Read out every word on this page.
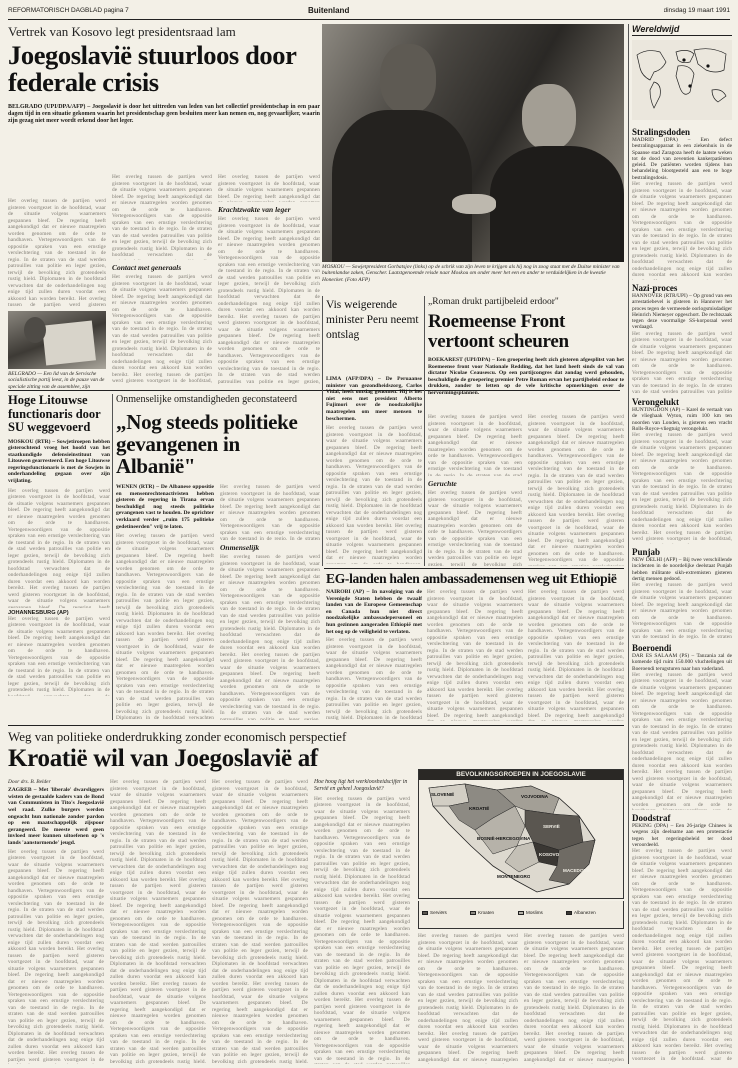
REFORMATORISCH DAGBLAD pagina 7	Buitenland	dinsdag 19 maart 1991
Vertrek van Kosovo legt presidentsraad lam
Joegoslavië stuurloos door federale crisis
BELGRADO (UPI/DPA/AFP) – Joegoslavië is door het uittreden van leden van het collectief presidentschap in een paar dagen tijd in een situatie gekomen waarin het presidentschap geen besluiten meer kan nemen en, nog gevaarlijker, waarin zijn gezag niet meer wordt erkend door het leger.
Het overleg tussen de partijen werd gisteren voortgezet in de hoofdstad, waar de situatie volgens waarnemers gespannen bleef. De regering heeft aangekondigd dat er nieuwe maatregelen worden genomen om de orde te handhaven. Vertegenwoordigers van de oppositie spraken van een ernstige verslechtering van de toestand in de regio. In de straten van de stad werden patrouilles van politie en leger gezien, terwijl de bevolking zich grotendeels rustig hield. Diplomaten in de hoofdstad verwachten dat de onderhandelingen nog enige tijd zullen duren voordat een akkoord kan worden bereikt. Het overleg tussen de partijen werd gisteren voortgezet in de hoofdstad, waar de situatie volgens waarnemers gespannen bleef. De regering heeft aangekondigd dat er nieuwe maatregelen worden genomen om de orde te handhaven. Vertegenwoordigers van de oppositie spraken van een ernstige verslechtering van de toestand in de regio. In de straten van de stad werden patrouilles van politie en leger gezien, terwijl de bevolking zich grotendeels rustig hield. Diplomaten in de hoofdstad verwachten dat de onderhandelingen nog enige tijd zullen duren voordat een akkoord kan worden bereikt. Het overleg tussen de partijen werd gisteren voortgezet in de hoofdstad, waar de situatie volgens waarnemers gespannen bleef. De regering heeft aangekondigd dat er nieuwe maatregelen worden genomen om de orde te handhaven. Vertegenwoordigers van de oppositie spraken van een ernstige verslechtering van de toestand in de regio. In de straten van de stad werden patrouilles van politie en leger gezien, terwijl de bevolking zich grotendeels rustig hield. Diplomaten in de hoofdstad verwachten dat de onderhandelingen nog enige tijd zullen duren voordat een akkoord kan worden bereikt. Het overleg tussen de partijen werd gisteren voortgezet in de hoofdstad, waar de situatie volgens waarnemers gespannen bleef. De regering heeft aangekondigd dat er nieuwe maatregelen worden genomen om de orde te handhaven.
Het overleg tussen de partijen werd gisteren voortgezet in de hoofdstad, waar de situatie volgens waarnemers gespannen bleef. De regering heeft aangekondigd dat er nieuwe maatregelen worden genomen om de orde te handhaven. Vertegenwoordigers van de oppositie spraken van een ernstige verslechtering van de toestand in de regio. In de straten van de stad werden patrouilles van politie en leger gezien, terwijl de bevolking zich grotendeels rustig hield. Diplomaten in de hoofdstad verwachten dat de onderhandelingen nog enige tijd zullen duren voordat een akkoord kan worden bereikt. Het overleg tussen de partijen werd gisteren voortgezet in de hoofdstad, waar de situatie volgens waarnemers gespannen bleef. De regering heeft aangekondigd dat er nieuwe maatregelen worden genomen om de orde te handhaven. Vertegenwoordigers van de oppositie spraken van een ernstige verslechtering van de toestand in de regio. In de straten van de stad werden patrouilles van politie en leger gezien, terwijl de bevolking zich grotendeels rustig hield. Diplomaten in de hoofdstad verwachten dat de onderhandelingen nog enige tijd zullen duren voordat een akkoord kan worden bereikt. Het overleg tussen de partijen werd gisteren voortgezet in de hoofdstad, waar de situatie volgens waarnemers gespannen bleef. De regering heeft aangekondigd dat er nieuwe maatregelen worden genomen om de orde te handhaven. Vertegenwoordigers van de oppositie spraken van een ernstige verslechtering van de toestand in de regio. In de straten van de stad werden patrouilles van politie en leger gezien, terwijl de bevolking zich grotendeels rustig hield. Diplomaten in de hoofdstad verwachten dat de onderhandelingen nog enige tijd zullen duren voordat een akkoord kan worden bereikt. Het overleg tussen de partijen werd gisteren voortgezet in de hoofdstad, waar de situatie volgens waarnemers gespannen bleef. De regering heeft aangekondigd dat er nieuwe maatregelen worden genomen om de orde te handhaven.
Contact met generaals
Het overleg tussen de partijen werd gisteren voortgezet in de hoofdstad, waar de situatie volgens waarnemers gespannen bleef. De regering heeft aangekondigd dat er nieuwe maatregelen worden genomen om de orde te handhaven. Vertegenwoordigers van de oppositie spraken van een ernstige verslechtering van de toestand in de regio. In de straten van de stad werden patrouilles van politie en leger gezien, terwijl de bevolking zich grotendeels rustig hield. Diplomaten in de hoofdstad verwachten dat de onderhandelingen nog enige tijd zullen duren voordat een akkoord kan worden bereikt. Het overleg tussen de partijen werd gisteren voortgezet in de hoofdstad, waar de situatie volgens waarnemers gespannen bleef. De regering heeft aangekondigd dat er nieuwe maatregelen worden genomen om de orde te handhaven. Vertegenwoordigers van de oppositie spraken van een ernstige verslechtering van de toestand in de regio. In de straten van de stad werden patrouilles van politie en leger gezien, terwijl de bevolking zich grotendeels rustig hield. Diplomaten in de hoofdstad verwachten dat de onderhandelingen nog enige tijd zullen duren voordat een akkoord kan worden bereikt. Het overleg tussen de partijen werd gisteren voortgezet in de hoofdstad, waar de situatie volgens waarnemers gespannen bleef. De regering heeft aangekondigd dat er nieuwe maatregelen worden genomen om de orde te handhaven. Vertegenwoordigers van de oppositie spraken van een ernstige verslechtering van de toestand in de regio. In de straten van de stad werden patrouilles van politie en leger gezien, terwijl de bevolking zich grotendeels rustig hield. Diplomaten in de hoofdstad verwachten dat de onderhandelingen nog enige tijd zullen duren voordat een akkoord kan worden bereikt. Het overleg tussen de partijen werd gisteren voortgezet in de hoofdstad, waar de situatie volgens waarnemers gespannen bleef. De regering heeft aangekondigd dat er nieuwe maatregelen worden genomen om de orde te handhaven.
Het overleg tussen de partijen werd gisteren voortgezet in de hoofdstad, waar de situatie volgens waarnemers gespannen bleef. De regering heeft aangekondigd dat er nieuwe maatregelen worden genomen om de orde te handhaven. Vertegenwoordigers van de oppositie spraken van een ernstige verslechtering van de toestand in de regio. In de straten van de stad werden patrouilles van politie en leger gezien, terwijl de bevolking zich grotendeels rustig hield. Diplomaten in de hoofdstad verwachten dat de onderhandelingen nog enige tijd zullen duren voordat een akkoord kan worden bereikt. Het overleg tussen de partijen werd gisteren voortgezet in de hoofdstad, waar de situatie volgens waarnemers gespannen bleef. De regering heeft aangekondigd dat er nieuwe maatregelen worden genomen om de orde te handhaven. Vertegenwoordigers van de oppositie spraken van een ernstige verslechtering van de toestand in de regio. In de straten van de stad werden patrouilles van politie en leger gezien, terwijl de bevolking zich grotendeels rustig hield. Diplomaten in de hoofdstad verwachten dat de onderhandelingen nog enige tijd zullen duren voordat een akkoord kan worden bereikt. Het overleg tussen de partijen werd gisteren voortgezet in de hoofdstad, waar de situatie volgens waarnemers gespannen bleef. De regering heeft aangekondigd dat er nieuwe maatregelen worden genomen om de orde te handhaven. Vertegenwoordigers van de oppositie spraken van een ernstige verslechtering van de toestand in de regio. In de straten van de stad werden patrouilles van politie en leger gezien, terwijl de bevolking zich grotendeels rustig hield. Diplomaten in de hoofdstad verwachten dat de onderhandelingen nog enige tijd zullen duren voordat een akkoord kan worden bereikt. Het overleg tussen de partijen werd gisteren voortgezet in de hoofdstad, waar de situatie volgens waarnemers gespannen bleef. De regering heeft aangekondigd dat er nieuwe maatregelen worden genomen om de orde te handhaven.
Krachtzwakte van leger
Het overleg tussen de partijen werd gisteren voortgezet in de hoofdstad, waar de situatie volgens waarnemers gespannen bleef. De regering heeft aangekondigd dat er nieuwe maatregelen worden genomen om de orde te handhaven. Vertegenwoordigers van de oppositie spraken van een ernstige verslechtering van de toestand in de regio. In de straten van de stad werden patrouilles van politie en leger gezien, terwijl de bevolking zich grotendeels rustig hield. Diplomaten in de hoofdstad verwachten dat de onderhandelingen nog enige tijd zullen duren voordat een akkoord kan worden bereikt. Het overleg tussen de partijen werd gisteren voortgezet in de hoofdstad, waar de situatie volgens waarnemers gespannen bleef. De regering heeft aangekondigd dat er nieuwe maatregelen worden genomen om de orde te handhaven. Vertegenwoordigers van de oppositie spraken van een ernstige verslechtering van de toestand in de regio. In de straten van de stad werden patrouilles van politie en leger gezien, terwijl de bevolking zich grotendeels rustig hield. Diplomaten in de hoofdstad verwachten dat de onderhandelingen nog enige tijd zullen duren voordat een akkoord kan worden bereikt. Het overleg tussen de partijen werd gisteren voortgezet in de hoofdstad, waar de situatie volgens waarnemers gespannen bleef. De regering heeft aangekondigd dat er nieuwe maatregelen worden genomen om de orde te handhaven. Vertegenwoordigers van de oppositie spraken van een ernstige verslechtering van de toestand in de regio. In de straten van de stad werden patrouilles van politie en leger gezien, terwijl de bevolking zich grotendeels rustig hield. Diplomaten in de hoofdstad verwachten dat de onderhandelingen nog enige tijd zullen duren voordat een akkoord kan worden bereikt. Het overleg tussen de partijen werd gisteren voortgezet in de hoofdstad, waar de situatie volgens waarnemers gespannen bleef. De regering heeft aangekondigd dat er nieuwe maatregelen worden genomen om de orde te handhaven.
BELGRADO — Een lid van de Servische socialistische partij leest, in de pauze van de speciale zitting van de assemblee, zijn
MOSKOU — Sowjetpresident Gorbatsjov (links) op de schrik van zijn leven te krijgen als hij nog in zoog staat met de Duitse minister van buitenlandse zaken, Genscher. Laatstgenoemde reisde naar Moskou om onder meer het een en ander te verduidelijken in de kwestie Honecker. (Foto AFP)
Wereldwijd
Stralingsdoden
MADRID (DPA) – Een defect bestralingsapparaat in een ziekenhuis in de Spaanse stad Zaragoza heeft de laatste weken tot de dood van zeventien kankerpatiënten geleid. De patiënten worden tijdens hun behandeling blootgesteld aan een te hoge bestralingsdosis.
Het overleg tussen de partijen werd gisteren voortgezet in de hoofdstad, waar de situatie volgens waarnemers gespannen bleef. De regering heeft aangekondigd dat er nieuwe maatregelen worden genomen om de orde te handhaven. Vertegenwoordigers van de oppositie spraken van een ernstige verslechtering van de toestand in de regio. In de straten van de stad werden patrouilles van politie en leger gezien, terwijl de bevolking zich grotendeels rustig hield. Diplomaten in de hoofdstad verwachten dat de onderhandelingen nog enige tijd zullen duren voordat een akkoord kan worden bereikt. Het overleg tussen de partijen werd gisteren voortgezet in de hoofdstad, waar de situatie volgens waarnemers gespannen bleef. De regering heeft aangekondigd dat er nieuwe maatregelen worden genomen om de orde te handhaven. Vertegenwoordigers van de oppositie spraken van een ernstige verslechtering van de toestand in de regio. In de straten van de stad werden patrouilles van politie en leger gezien, terwijl de bevolking zich grotendeels rustig hield. Diplomaten in de hoofdstad verwachten dat de onderhandelingen nog enige tijd zullen duren voordat een akkoord kan worden bereikt. Het overleg tussen de partijen werd gisteren voortgezet in de hoofdstad, waar de situatie volgens waarnemers gespannen bleef. De regering heeft aangekondigd dat er nieuwe maatregelen worden genomen om de orde te handhaven. Vertegenwoordigers van de oppositie spraken van een ernstige verslechtering van de toestand in de regio. In de straten van de stad werden patrouilles van politie en leger gezien, terwijl de bevolking zich grotendeels rustig hield. Diplomaten in de hoofdstad verwachten dat de onderhandelingen nog enige tijd zullen duren voordat een akkoord kan worden bereikt. Het overleg tussen de partijen werd gisteren voortgezet in de hoofdstad, waar de situatie volgens waarnemers gespannen bleef. De regering heeft aangekondigd dat er nieuwe maatregelen worden genomen om de orde te handhaven.
Nazi-proces
HANNOVER (RTR/UPI) – Op grond van een arrestatiebevel is gisteren in Hannover het proces tegen de vermeende oorlogsmisdadiger Heinrich Niemeyer opgeschort. De rechtszaak tegen deze voormalige SS-korporaal werd verdaagd.
Het overleg tussen de partijen werd gisteren voortgezet in de hoofdstad, waar de situatie volgens waarnemers gespannen bleef. De regering heeft aangekondigd dat er nieuwe maatregelen worden genomen om de orde te handhaven. Vertegenwoordigers van de oppositie spraken van een ernstige verslechtering van de toestand in de regio. In de straten van de stad werden patrouilles van politie en leger gezien, terwijl de bevolking zich grotendeels rustig hield. Diplomaten in de hoofdstad verwachten dat de onderhandelingen nog enige tijd zullen duren voordat een akkoord kan worden bereikt. Het overleg tussen de partijen werd gisteren voortgezet in de hoofdstad, waar de situatie volgens waarnemers gespannen bleef. De regering heeft aangekondigd dat er nieuwe maatregelen worden genomen om de orde te handhaven. Vertegenwoordigers van de oppositie spraken van een ernstige verslechtering van de toestand in de regio. In de straten van de stad werden patrouilles van politie en leger gezien, terwijl de bevolking zich grotendeels rustig hield. Diplomaten in de hoofdstad verwachten dat de onderhandelingen nog enige tijd zullen duren voordat een akkoord kan worden bereikt. Het overleg tussen de partijen werd gisteren voortgezet in de hoofdstad, waar de situatie volgens waarnemers gespannen bleef. De regering heeft aangekondigd dat er nieuwe maatregelen worden genomen om de orde te handhaven. Vertegenwoordigers van de oppositie spraken van een ernstige verslechtering van de toestand in de regio. In de straten van de stad werden patrouilles van politie en leger gezien, terwijl de bevolking zich grotendeels rustig hield. Diplomaten in de hoofdstad verwachten dat de onderhandelingen nog enige tijd zullen duren voordat een akkoord kan worden bereikt. Het overleg tussen de partijen werd gisteren voortgezet in de hoofdstad, waar de situatie volgens waarnemers gespannen bleef. De regering heeft aangekondigd dat er nieuwe maatregelen worden genomen om de orde te handhaven.
Verongelukt
HUNTINGDON (AP) – Karel de vertaalt van de vlieghaak Wyton, ruim 100 km ten noorden van Londen, is gisteren een vracht Rolls-Royce-vliegtuig verongelukt.
Het overleg tussen de partijen werd gisteren voortgezet in de hoofdstad, waar de situatie volgens waarnemers gespannen bleef. De regering heeft aangekondigd dat er nieuwe maatregelen worden genomen om de orde te handhaven. Vertegenwoordigers van de oppositie spraken van een ernstige verslechtering van de toestand in de regio. In de straten van de stad werden patrouilles van politie en leger gezien, terwijl de bevolking zich grotendeels rustig hield. Diplomaten in de hoofdstad verwachten dat de onderhandelingen nog enige tijd zullen duren voordat een akkoord kan worden bereikt. Het overleg tussen de partijen werd gisteren voortgezet in de hoofdstad, waar de situatie volgens waarnemers gespannen bleef. De regering heeft aangekondigd dat er nieuwe maatregelen worden genomen om de orde te handhaven. Vertegenwoordigers van de oppositie spraken van een ernstige verslechtering van de toestand in de regio. In de straten van de stad werden patrouilles van politie en leger gezien, terwijl de bevolking zich grotendeels rustig hield. Diplomaten in de hoofdstad verwachten dat de onderhandelingen nog enige tijd zullen duren voordat een akkoord kan worden bereikt. Het overleg tussen de partijen werd gisteren voortgezet in de hoofdstad, waar de situatie volgens waarnemers gespannen bleef. De regering heeft aangekondigd dat er nieuwe maatregelen worden genomen om de orde te handhaven. Vertegenwoordigers van de oppositie spraken van een ernstige verslechtering van de toestand in de regio. In de straten van de stad werden patrouilles van politie en leger gezien, terwijl de bevolking zich grotendeels rustig hield. Diplomaten in de hoofdstad verwachten dat de onderhandelingen nog enige tijd zullen duren voordat een akkoord kan worden bereikt. Het overleg tussen de partijen werd gisteren voortgezet in de hoofdstad, waar de situatie volgens waarnemers gespannen bleef. De regering heeft aangekondigd dat er nieuwe maatregelen worden genomen om de orde te handhaven.
Punjab
NEW DELHI (AFP) – Bij twee verschillende incidenten in de noordelijke deelstaat Punjab hebben militante sikh-extremisten gisteren dertig mensen gedood.
Het overleg tussen de partijen werd gisteren voortgezet in de hoofdstad, waar de situatie volgens waarnemers gespannen bleef. De regering heeft aangekondigd dat er nieuwe maatregelen worden genomen om de orde te handhaven. Vertegenwoordigers van de oppositie spraken van een ernstige verslechtering van de toestand in de regio. In de straten van de stad werden patrouilles van politie en leger gezien, terwijl de bevolking zich grotendeels rustig hield. Diplomaten in de hoofdstad verwachten dat de onderhandelingen nog enige tijd zullen duren voordat een akkoord kan worden bereikt. Het overleg tussen de partijen werd gisteren voortgezet in de hoofdstad, waar de situatie volgens waarnemers gespannen bleef. De regering heeft aangekondigd dat er nieuwe maatregelen worden genomen om de orde te handhaven. Vertegenwoordigers van de oppositie spraken van een ernstige verslechtering van de toestand in de regio. In de straten van de stad werden patrouilles van politie en leger gezien, terwijl de bevolking zich grotendeels rustig hield. Diplomaten in de hoofdstad verwachten dat de onderhandelingen nog enige tijd zullen duren voordat een akkoord kan worden bereikt. Het overleg tussen de partijen werd gisteren voortgezet in de hoofdstad, waar de situatie volgens waarnemers gespannen bleef. De regering heeft aangekondigd dat er nieuwe maatregelen worden genomen om de orde te handhaven. Vertegenwoordigers van de oppositie spraken van een ernstige verslechtering van de toestand in de regio. In de straten van de stad werden patrouilles van politie en leger gezien, terwijl de bevolking zich grotendeels rustig hield. Diplomaten in de hoofdstad verwachten dat de onderhandelingen nog enige tijd zullen duren voordat een akkoord kan worden bereikt. Het overleg tussen de partijen werd gisteren voortgezet in de hoofdstad, waar de situatie volgens waarnemers gespannen bleef. De regering heeft aangekondigd dat er nieuwe maatregelen worden genomen om de orde te handhaven.
Boeroendi
DAR ES SALAAM (PS) – Tanzania zal de komende tijd ruim 150.000 vluchtelingen uit Boeroendi terugsturen naar hun vaderland.
Het overleg tussen de partijen werd gisteren voortgezet in de hoofdstad, waar de situatie volgens waarnemers gespannen bleef. De regering heeft aangekondigd dat er nieuwe maatregelen worden genomen om de orde te handhaven. Vertegenwoordigers van de oppositie spraken van een ernstige verslechtering van de toestand in de regio. In de straten van de stad werden patrouilles van politie en leger gezien, terwijl de bevolking zich grotendeels rustig hield. Diplomaten in de hoofdstad verwachten dat de onderhandelingen nog enige tijd zullen duren voordat een akkoord kan worden bereikt. Het overleg tussen de partijen werd gisteren voortgezet in de hoofdstad, waar de situatie volgens waarnemers gespannen bleef. De regering heeft aangekondigd dat er nieuwe maatregelen worden genomen om de orde te handhaven. Vertegenwoordigers van de oppositie spraken van een ernstige verslechtering van de toestand in de regio. In de straten van de stad werden patrouilles van politie en leger gezien, terwijl de bevolking zich grotendeels rustig hield. Diplomaten in de hoofdstad verwachten dat de onderhandelingen nog enige tijd zullen duren voordat een akkoord kan worden bereikt. Het overleg tussen de partijen werd gisteren voortgezet in de hoofdstad, waar de situatie volgens waarnemers gespannen bleef. De regering heeft aangekondigd dat er nieuwe maatregelen worden genomen om de orde te handhaven. Vertegenwoordigers van de oppositie spraken van een ernstige verslechtering van de toestand in de regio. In de straten van de stad werden patrouilles van politie en leger gezien, terwijl de bevolking zich grotendeels rustig hield. Diplomaten in de hoofdstad verwachten dat de onderhandelingen nog enige tijd zullen duren voordat een akkoord kan worden bereikt. Het overleg tussen de partijen werd gisteren voortgezet in de hoofdstad, waar de situatie volgens waarnemers gespannen bleef. De regering heeft aangekondigd dat er nieuwe maatregelen worden genomen om de orde te handhaven.
Doodstraf
PEKING (DPA) – Een 26-jarige Chinees is wegens zijn deelname aan een protestactie tegen het regeringsbeleid ter dood veroordeeld.
Het overleg tussen de partijen werd gisteren voortgezet in de hoofdstad, waar de situatie volgens waarnemers gespannen bleef. De regering heeft aangekondigd dat er nieuwe maatregelen worden genomen om de orde te handhaven. Vertegenwoordigers van de oppositie spraken van een ernstige verslechtering van de toestand in de regio. In de straten van de stad werden patrouilles van politie en leger gezien, terwijl de bevolking zich grotendeels rustig hield. Diplomaten in de hoofdstad verwachten dat de onderhandelingen nog enige tijd zullen duren voordat een akkoord kan worden bereikt. Het overleg tussen de partijen werd gisteren voortgezet in de hoofdstad, waar de situatie volgens waarnemers gespannen bleef. De regering heeft aangekondigd dat er nieuwe maatregelen worden genomen om de orde te handhaven. Vertegenwoordigers van de oppositie spraken van een ernstige verslechtering van de toestand in de regio. In de straten van de stad werden patrouilles van politie en leger gezien, terwijl de bevolking zich grotendeels rustig hield. Diplomaten in de hoofdstad verwachten dat de onderhandelingen nog enige tijd zullen duren voordat een akkoord kan worden bereikt. Het overleg tussen de partijen werd gisteren voortgezet in de hoofdstad, waar de situatie volgens waarnemers gespannen bleef. De regering heeft aangekondigd dat er nieuwe maatregelen worden genomen om de orde te handhaven. Vertegenwoordigers van de oppositie spraken van een ernstige verslechtering van de toestand in de regio. In de straten van de stad werden patrouilles van politie en leger gezien, terwijl de bevolking zich grotendeels rustig hield. Diplomaten in de hoofdstad verwachten dat de onderhandelingen nog enige tijd zullen duren voordat een akkoord kan worden bereikt. Het overleg tussen de partijen werd gisteren voortgezet in de hoofdstad, waar de situatie volgens waarnemers gespannen bleef. De regering heeft aangekondigd dat er nieuwe maatregelen worden genomen om de orde te handhaven.
Hoge Litouwse functionaris door SU weggevoerd
MOSKOU (RTR) – Sowjetiroepen hebben gisterochtend vroeg het hoofd van het staatkundigde defensieinstituut van Litouwen gearresteerd. Een hoge Litouwse regeringsfunctionaris is met de Sowjets in onderhandeling gegaan over zijn vrijlating.
Het overleg tussen de partijen werd gisteren voortgezet in de hoofdstad, waar de situatie volgens waarnemers gespannen bleef. De regering heeft aangekondigd dat er nieuwe maatregelen worden genomen om de orde te handhaven. Vertegenwoordigers van de oppositie spraken van een ernstige verslechtering van de toestand in de regio. In de straten van de stad werden patrouilles van politie en leger gezien, terwijl de bevolking zich grotendeels rustig hield. Diplomaten in de hoofdstad verwachten dat de onderhandelingen nog enige tijd zullen duren voordat een akkoord kan worden bereikt. Het overleg tussen de partijen werd gisteren voortgezet in de hoofdstad, waar de situatie volgens waarnemers gespannen bleef. De regering heeft aangekondigd dat er nieuwe maatregelen worden genomen om de orde te handhaven. Vertegenwoordigers van de oppositie spraken van een ernstige verslechtering van de toestand in de regio. In de straten van de stad werden patrouilles van politie en leger gezien, terwijl de bevolking zich grotendeels rustig hield. Diplomaten in de hoofdstad verwachten dat de onderhandelingen nog enige tijd zullen duren voordat een akkoord kan worden bereikt. Het overleg tussen de partijen werd gisteren voortgezet in de hoofdstad, waar de situatie volgens waarnemers gespannen bleef. De regering heeft aangekondigd dat er nieuwe maatregelen worden genomen om de orde te handhaven. Vertegenwoordigers van de oppositie spraken van een ernstige verslechtering van de toestand in de regio. In de straten van de stad werden patrouilles van politie en leger gezien, terwijl de bevolking zich grotendeels rustig hield. Diplomaten in de hoofdstad verwachten dat de onderhandelingen nog enige tijd zullen duren voordat een akkoord kan worden bereikt. Het overleg tussen de partijen werd gisteren voortgezet in de hoofdstad, waar de situatie volgens waarnemers gespannen bleef. De regering heeft aangekondigd dat er nieuwe maatregelen worden genomen om de orde te handhaven.
JOHANNESBURG (AP)
Het overleg tussen de partijen werd gisteren voortgezet in de hoofdstad, waar de situatie volgens waarnemers gespannen bleef. De regering heeft aangekondigd dat er nieuwe maatregelen worden genomen om de orde te handhaven. Vertegenwoordigers van de oppositie spraken van een ernstige verslechtering van de toestand in de regio. In de straten van de stad werden patrouilles van politie en leger gezien, terwijl de bevolking zich grotendeels rustig hield. Diplomaten in de hoofdstad verwachten dat de onderhandelingen nog enige tijd zullen duren voordat een akkoord kan worden bereikt. Het overleg tussen de partijen werd gisteren voortgezet in de hoofdstad, waar de situatie volgens waarnemers gespannen bleef. De regering heeft aangekondigd dat er nieuwe maatregelen worden genomen om de orde te handhaven. Vertegenwoordigers van de oppositie spraken van een ernstige verslechtering van de toestand in de regio. In de straten van de stad werden patrouilles van politie en leger gezien, terwijl de bevolking zich grotendeels rustig hield. Diplomaten in de hoofdstad verwachten dat de onderhandelingen nog enige tijd zullen duren voordat een akkoord kan worden bereikt. Het overleg tussen de partijen werd gisteren voortgezet in de hoofdstad, waar de situatie volgens waarnemers gespannen bleef. De regering heeft aangekondigd dat er nieuwe maatregelen worden genomen om de orde te handhaven. Vertegenwoordigers van de oppositie spraken van een ernstige verslechtering van de toestand in de regio. In de straten van de stad werden patrouilles van politie en leger gezien, terwijl de bevolking zich grotendeels rustig hield. Diplomaten in de hoofdstad verwachten dat de onderhandelingen nog enige tijd zullen duren voordat een akkoord kan worden bereikt. Het overleg tussen de partijen werd gisteren voortgezet in de hoofdstad, waar de situatie volgens waarnemers gespannen bleef. De regering heeft aangekondigd dat er nieuwe maatregelen worden genomen om de orde te handhaven.
Onmenselijke omstandigheden geconstateerd
„Nog steeds politieke gevangenen in Albanië"
WENEN (RTR) – De Albanese oppositie en mensenrechtenactivisten hebben gisteren de regering in Tirana ervan beschuldigd nog steeds politieke gevangenen vast te houden. De oprichter verklaard verder „ruim 175 politieke gedetineerden" vrij te laten.
Het overleg tussen de partijen werd gisteren voortgezet in de hoofdstad, waar de situatie volgens waarnemers gespannen bleef. De regering heeft aangekondigd dat er nieuwe maatregelen worden genomen om de orde te handhaven. Vertegenwoordigers van de oppositie spraken van een ernstige verslechtering van de toestand in de regio. In de straten van de stad werden patrouilles van politie en leger gezien, terwijl de bevolking zich grotendeels rustig hield. Diplomaten in de hoofdstad verwachten dat de onderhandelingen nog enige tijd zullen duren voordat een akkoord kan worden bereikt. Het overleg tussen de partijen werd gisteren voortgezet in de hoofdstad, waar de situatie volgens waarnemers gespannen bleef. De regering heeft aangekondigd dat er nieuwe maatregelen worden genomen om de orde te handhaven. Vertegenwoordigers van de oppositie spraken van een ernstige verslechtering van de toestand in de regio. In de straten van de stad werden patrouilles van politie en leger gezien, terwijl de bevolking zich grotendeels rustig hield. Diplomaten in de hoofdstad verwachten dat de onderhandelingen nog enige tijd zullen duren voordat een akkoord kan worden bereikt. Het overleg tussen de partijen werd gisteren voortgezet in de hoofdstad, waar de situatie volgens waarnemers gespannen bleef. De regering heeft aangekondigd dat er nieuwe maatregelen worden genomen om de orde te handhaven. Vertegenwoordigers van de oppositie spraken van een ernstige verslechtering van de toestand in de regio. In de straten van de stad werden patrouilles van politie en leger gezien, terwijl de bevolking zich grotendeels rustig hield. Diplomaten in de hoofdstad verwachten dat de onderhandelingen nog enige tijd zullen duren voordat een akkoord kan worden bereikt. Het overleg tussen de partijen werd gisteren voortgezet in de hoofdstad, waar de situatie volgens waarnemers gespannen bleef. De regering heeft aangekondigd dat er nieuwe maatregelen worden genomen om de orde te handhaven.
Het overleg tussen de partijen werd gisteren voortgezet in de hoofdstad, waar de situatie volgens waarnemers gespannen bleef. De regering heeft aangekondigd dat er nieuwe maatregelen worden genomen om de orde te handhaven. Vertegenwoordigers van de oppositie spraken van een ernstige verslechtering van de toestand in de regio. In de straten van de stad werden patrouilles van politie en leger gezien, terwijl de bevolking zich grotendeels rustig hield. Diplomaten in de hoofdstad verwachten dat de onderhandelingen nog enige tijd zullen duren voordat een akkoord kan worden bereikt. Het overleg tussen de partijen werd gisteren voortgezet in de hoofdstad, waar de situatie volgens waarnemers gespannen bleef. De regering heeft aangekondigd dat er nieuwe maatregelen worden genomen om de orde te handhaven. Vertegenwoordigers van de oppositie spraken van een ernstige verslechtering van de toestand in de regio. In de straten van de stad werden patrouilles van politie en leger gezien, terwijl de bevolking zich grotendeels rustig hield. Diplomaten in de hoofdstad verwachten dat de onderhandelingen nog enige tijd zullen duren voordat een akkoord kan worden bereikt. Het overleg tussen de partijen werd gisteren voortgezet in de hoofdstad, waar de situatie volgens waarnemers gespannen bleef. De regering heeft aangekondigd dat er nieuwe maatregelen worden genomen om de orde te handhaven. Vertegenwoordigers van de oppositie spraken van een ernstige verslechtering van de toestand in de regio. In de straten van de stad werden patrouilles van politie en leger gezien, terwijl de bevolking zich grotendeels rustig hield. Diplomaten in de hoofdstad verwachten dat de onderhandelingen nog enige tijd zullen duren voordat een akkoord kan worden bereikt. Het overleg tussen de partijen werd gisteren voortgezet in de hoofdstad, waar de situatie volgens waarnemers gespannen bleef. De regering heeft aangekondigd dat er nieuwe maatregelen worden genomen om de orde te handhaven.
Onmenselijk
Het overleg tussen de partijen werd gisteren voortgezet in de hoofdstad, waar de situatie volgens waarnemers gespannen bleef. De regering heeft aangekondigd dat er nieuwe maatregelen worden genomen om de orde te handhaven. Vertegenwoordigers van de oppositie spraken van een ernstige verslechtering van de toestand in de regio. In de straten van de stad werden patrouilles van politie en leger gezien, terwijl de bevolking zich grotendeels rustig hield. Diplomaten in de hoofdstad verwachten dat de onderhandelingen nog enige tijd zullen duren voordat een akkoord kan worden bereikt. Het overleg tussen de partijen werd gisteren voortgezet in de hoofdstad, waar de situatie volgens waarnemers gespannen bleef. De regering heeft aangekondigd dat er nieuwe maatregelen worden genomen om de orde te handhaven. Vertegenwoordigers van de oppositie spraken van een ernstige verslechtering van de toestand in de regio. In de straten van de stad werden patrouilles van politie en leger gezien, terwijl de bevolking zich grotendeels rustig hield. Diplomaten in de hoofdstad verwachten dat de onderhandelingen nog enige tijd zullen duren voordat een akkoord kan worden bereikt. Het overleg tussen de partijen werd gisteren voortgezet in de hoofdstad, waar de situatie volgens waarnemers gespannen bleef. De regering heeft aangekondigd dat er nieuwe maatregelen worden genomen om de orde te handhaven. Vertegenwoordigers van de oppositie spraken van een ernstige verslechtering van de toestand in de regio. In de straten van de stad werden patrouilles van politie en leger gezien, terwijl de bevolking zich grotendeels rustig hield. Diplomaten in de hoofdstad verwachten dat de onderhandelingen nog enige tijd zullen duren voordat een akkoord kan worden bereikt. Het overleg tussen de partijen werd gisteren voortgezet in de hoofdstad, waar de situatie volgens waarnemers gespannen bleef. De regering heeft aangekondigd dat er nieuwe maatregelen worden genomen om de orde te handhaven.
Vis weigerende minister Peru neemt ontslag
LIMA (AFP/DPA) – De Peruaanse minister van gezondheidszorg, Carlos Vidal, heeft ontslag genomen. Hij is het niet eens met president Alberto Fujimori over de noodzakelijke maatregelen om meer mensen te beschermen.
Het overleg tussen de partijen werd gisteren voortgezet in de hoofdstad, waar de situatie volgens waarnemers gespannen bleef. De regering heeft aangekondigd dat er nieuwe maatregelen worden genomen om de orde te handhaven. Vertegenwoordigers van de oppositie spraken van een ernstige verslechtering van de toestand in de regio. In de straten van de stad werden patrouilles van politie en leger gezien, terwijl de bevolking zich grotendeels rustig hield. Diplomaten in de hoofdstad verwachten dat de onderhandelingen nog enige tijd zullen duren voordat een akkoord kan worden bereikt. Het overleg tussen de partijen werd gisteren voortgezet in de hoofdstad, waar de situatie volgens waarnemers gespannen bleef. De regering heeft aangekondigd dat er nieuwe maatregelen worden genomen om de orde te handhaven. Vertegenwoordigers van de oppositie spraken van een ernstige verslechtering van de toestand in de regio. In de straten van de stad werden patrouilles van politie en leger gezien, terwijl de bevolking zich grotendeels rustig hield. Diplomaten in de hoofdstad verwachten dat de onderhandelingen nog enige tijd zullen duren voordat een akkoord kan worden bereikt. Het overleg tussen de partijen werd gisteren voortgezet in de hoofdstad, waar de situatie volgens waarnemers gespannen bleef. De regering heeft aangekondigd dat er nieuwe maatregelen worden genomen om de orde te handhaven. Vertegenwoordigers van de oppositie spraken van een ernstige verslechtering van de toestand in de regio. In de straten van de stad werden patrouilles van politie en leger gezien, terwijl de bevolking zich grotendeels rustig hield. Diplomaten in de hoofdstad verwachten dat de onderhandelingen nog enige tijd zullen duren voordat een akkoord kan worden bereikt. Het overleg tussen de partijen werd gisteren voortgezet in de hoofdstad, waar de situatie volgens waarnemers gespannen bleef. De regering heeft aangekondigd dat er nieuwe maatregelen worden genomen om de orde te handhaven.
„Roman drukt partijbeleid erdoor"
Roemeense Front vertoont scheuren
BOEKAREST (UPI/DPA) – Een groepering heeft zich gisteren afgesplitst van het Roemeense front voor Nationale Redding, dat het land heeft sinds de val van dictator Nicolae Ceausescu. Op een partijcongres dat zondag werd gehouden, beschuldigde de groepering premier Petre Roman ervan het partijbeleid erdoor te drukken, zonder te letten op de vele kritische opmerkingen over de hervormingsplannen.
Het overleg tussen de partijen werd gisteren voortgezet in de hoofdstad, waar de situatie volgens waarnemers gespannen bleef. De regering heeft aangekondigd dat er nieuwe maatregelen worden genomen om de orde te handhaven. Vertegenwoordigers van de oppositie spraken van een ernstige verslechtering van de toestand in de regio. In de straten van de stad werden patrouilles van politie en leger gezien, terwijl de bevolking zich grotendeels rustig hield. Diplomaten in de hoofdstad verwachten dat de onderhandelingen nog enige tijd zullen duren voordat een akkoord kan worden bereikt. Het overleg tussen de partijen werd gisteren voortgezet in de hoofdstad, waar de situatie volgens waarnemers gespannen bleef. De regering heeft aangekondigd dat er nieuwe maatregelen worden genomen om de orde te handhaven. Vertegenwoordigers van de oppositie spraken van een ernstige verslechtering van de toestand in de regio. In de straten van de stad werden patrouilles van politie en leger gezien, terwijl de bevolking zich grotendeels rustig hield. Diplomaten in de hoofdstad verwachten dat de onderhandelingen nog enige tijd zullen duren voordat een akkoord kan worden bereikt. Het overleg tussen de partijen werd gisteren voortgezet in de hoofdstad, waar de situatie volgens waarnemers gespannen bleef. De regering heeft aangekondigd dat er nieuwe maatregelen worden genomen om de orde te handhaven. Vertegenwoordigers van de oppositie spraken van een ernstige verslechtering van de toestand in de regio. In de straten van de stad werden patrouilles van politie en leger gezien, terwijl de bevolking zich grotendeels rustig hield. Diplomaten in de hoofdstad verwachten dat de onderhandelingen nog enige tijd zullen duren voordat een akkoord kan worden bereikt. Het overleg tussen de partijen werd gisteren voortgezet in de hoofdstad, waar de situatie volgens waarnemers gespannen bleef. De regering heeft aangekondigd dat er nieuwe maatregelen worden genomen om de orde te handhaven.
Geruchte
Het overleg tussen de partijen werd gisteren voortgezet in de hoofdstad, waar de situatie volgens waarnemers gespannen bleef. De regering heeft aangekondigd dat er nieuwe maatregelen worden genomen om de orde te handhaven. Vertegenwoordigers van de oppositie spraken van een ernstige verslechtering van de toestand in de regio. In de straten van de stad werden patrouilles van politie en leger gezien, terwijl de bevolking zich grotendeels rustig hield. Diplomaten in de hoofdstad verwachten dat de onderhandelingen nog enige tijd zullen duren voordat een akkoord kan worden bereikt. Het overleg tussen de partijen werd gisteren voortgezet in de hoofdstad, waar de situatie volgens waarnemers gespannen bleef. De regering heeft aangekondigd dat er nieuwe maatregelen worden genomen om de orde te handhaven. Vertegenwoordigers van de oppositie spraken van een ernstige verslechtering van de toestand in de regio. In de straten van de stad werden patrouilles van politie en leger gezien, terwijl de bevolking zich grotendeels rustig hield. Diplomaten in de hoofdstad verwachten dat de onderhandelingen nog enige tijd zullen duren voordat een akkoord kan worden bereikt. Het overleg tussen de partijen werd gisteren voortgezet in de hoofdstad, waar de situatie volgens waarnemers gespannen bleef. De regering heeft aangekondigd dat er nieuwe maatregelen worden genomen om de orde te handhaven. Vertegenwoordigers van de oppositie spraken van een ernstige verslechtering van de toestand in de regio. In de straten van de stad werden patrouilles van politie en leger gezien, terwijl de bevolking zich grotendeels rustig hield. Diplomaten in de hoofdstad verwachten dat de onderhandelingen nog enige tijd zullen duren voordat een akkoord kan worden bereikt. Het overleg tussen de partijen werd gisteren voortgezet in de hoofdstad, waar de situatie volgens waarnemers gespannen bleef. De regering heeft aangekondigd dat er nieuwe maatregelen worden genomen om de orde te handhaven.
Het overleg tussen de partijen werd gisteren voortgezet in de hoofdstad, waar de situatie volgens waarnemers gespannen bleef. De regering heeft aangekondigd dat er nieuwe maatregelen worden genomen om de orde te handhaven. Vertegenwoordigers van de oppositie spraken van een ernstige verslechtering van de toestand in de regio. In de straten van de stad werden patrouilles van politie en leger gezien, terwijl de bevolking zich grotendeels rustig hield. Diplomaten in de hoofdstad verwachten dat de onderhandelingen nog enige tijd zullen duren voordat een akkoord kan worden bereikt. Het overleg tussen de partijen werd gisteren voortgezet in de hoofdstad, waar de situatie volgens waarnemers gespannen bleef. De regering heeft aangekondigd dat er nieuwe maatregelen worden genomen om de orde te handhaven. Vertegenwoordigers van de oppositie spraken van een ernstige verslechtering van de toestand in de regio. In de straten van de stad werden patrouilles van politie en leger gezien, terwijl de bevolking zich grotendeels rustig hield. Diplomaten in de hoofdstad verwachten dat de onderhandelingen nog enige tijd zullen duren voordat een akkoord kan worden bereikt. Het overleg tussen de partijen werd gisteren voortgezet in de hoofdstad, waar de situatie volgens waarnemers gespannen bleef. De regering heeft aangekondigd dat er nieuwe maatregelen worden genomen om de orde te handhaven. Vertegenwoordigers van de oppositie spraken van een ernstige verslechtering van de toestand in de regio. In de straten van de stad werden patrouilles van politie en leger gezien, terwijl de bevolking zich grotendeels rustig hield. Diplomaten in de hoofdstad verwachten dat de onderhandelingen nog enige tijd zullen duren voordat een akkoord kan worden bereikt. Het overleg tussen de partijen werd gisteren voortgezet in de hoofdstad, waar de situatie volgens waarnemers gespannen bleef. De regering heeft aangekondigd dat er nieuwe maatregelen worden genomen om de orde te handhaven.
EG-landen halen ambassademensen weg uit Ethiopië
NAIROBI (AP) – In navolging van de Verenigde Staten hebben de twaalf landen van de Europese Gemeenschap en Canada hun niet direct noodzakelijke ambassadepersoneel en hun gezinnen aangeraden Ethiopië met het oog op de veiligheid te verlaten.
Het overleg tussen de partijen werd gisteren voortgezet in de hoofdstad, waar de situatie volgens waarnemers gespannen bleef. De regering heeft aangekondigd dat er nieuwe maatregelen worden genomen om de orde te handhaven. Vertegenwoordigers van de oppositie spraken van een ernstige verslechtering van de toestand in de regio. In de straten van de stad werden patrouilles van politie en leger gezien, terwijl de bevolking zich grotendeels rustig hield. Diplomaten in de hoofdstad verwachten dat de onderhandelingen nog enige tijd zullen duren voordat een akkoord kan worden bereikt. Het overleg tussen de partijen werd gisteren voortgezet in de hoofdstad, waar de situatie volgens waarnemers gespannen bleef. De regering heeft aangekondigd dat er nieuwe maatregelen worden genomen om de orde te handhaven. Vertegenwoordigers van de oppositie spraken van een ernstige verslechtering van de toestand in de regio. In de straten van de stad werden patrouilles van politie en leger gezien, terwijl de bevolking zich grotendeels rustig hield. Diplomaten in de hoofdstad verwachten dat de onderhandelingen nog enige tijd zullen duren voordat een akkoord kan worden bereikt. Het overleg tussen de partijen werd gisteren voortgezet in de hoofdstad, waar de situatie volgens waarnemers gespannen bleef. De regering heeft aangekondigd dat er nieuwe maatregelen worden genomen om de orde te handhaven. Vertegenwoordigers van de oppositie spraken van een ernstige verslechtering van de toestand in de regio. In de straten van de stad werden patrouilles van politie en leger gezien, terwijl de bevolking zich grotendeels rustig hield. Diplomaten in de hoofdstad verwachten dat de onderhandelingen nog enige tijd zullen duren voordat een akkoord kan worden bereikt. Het overleg tussen de partijen werd gisteren voortgezet in de hoofdstad, waar de situatie volgens waarnemers gespannen bleef. De regering heeft aangekondigd dat er nieuwe maatregelen worden genomen om de orde te handhaven.
Het overleg tussen de partijen werd gisteren voortgezet in de hoofdstad, waar de situatie volgens waarnemers gespannen bleef. De regering heeft aangekondigd dat er nieuwe maatregelen worden genomen om de orde te handhaven. Vertegenwoordigers van de oppositie spraken van een ernstige verslechtering van de toestand in de regio. In de straten van de stad werden patrouilles van politie en leger gezien, terwijl de bevolking zich grotendeels rustig hield. Diplomaten in de hoofdstad verwachten dat de onderhandelingen nog enige tijd zullen duren voordat een akkoord kan worden bereikt. Het overleg tussen de partijen werd gisteren voortgezet in de hoofdstad, waar de situatie volgens waarnemers gespannen bleef. De regering heeft aangekondigd dat er nieuwe maatregelen worden genomen om de orde te handhaven. Vertegenwoordigers van de oppositie spraken van een ernstige verslechtering van de toestand in de regio. In de straten van de stad werden patrouilles van politie en leger gezien, terwijl de bevolking zich grotendeels rustig hield. Diplomaten in de hoofdstad verwachten dat de onderhandelingen nog enige tijd zullen duren voordat een akkoord kan worden bereikt. Het overleg tussen de partijen werd gisteren voortgezet in de hoofdstad, waar de situatie volgens waarnemers gespannen bleef. De regering heeft aangekondigd dat er nieuwe maatregelen worden genomen om de orde te handhaven. Vertegenwoordigers van de oppositie spraken van een ernstige verslechtering van de toestand in de regio. In de straten van de stad werden patrouilles van politie en leger gezien, terwijl de bevolking zich grotendeels rustig hield. Diplomaten in de hoofdstad verwachten dat de onderhandelingen nog enige tijd zullen duren voordat een akkoord kan worden bereikt. Het overleg tussen de partijen werd gisteren voortgezet in de hoofdstad, waar de situatie volgens waarnemers gespannen bleef. De regering heeft aangekondigd dat er nieuwe maatregelen worden genomen om de orde te handhaven.
Het overleg tussen de partijen werd gisteren voortgezet in de hoofdstad, waar de situatie volgens waarnemers gespannen bleef. De regering heeft aangekondigd dat er nieuwe maatregelen worden genomen om de orde te handhaven. Vertegenwoordigers van de oppositie spraken van een ernstige verslechtering van de toestand in de regio. In de straten van de stad werden patrouilles van politie en leger gezien, terwijl de bevolking zich grotendeels rustig hield. Diplomaten in de hoofdstad verwachten dat de onderhandelingen nog enige tijd zullen duren voordat een akkoord kan worden bereikt. Het overleg tussen de partijen werd gisteren voortgezet in de hoofdstad, waar de situatie volgens waarnemers gespannen bleef. De regering heeft aangekondigd dat er nieuwe maatregelen worden genomen om de orde te handhaven. Vertegenwoordigers van de oppositie spraken van een ernstige verslechtering van de toestand in de regio. In de straten van de stad werden patrouilles van politie en leger gezien, terwijl de bevolking zich grotendeels rustig hield. Diplomaten in de hoofdstad verwachten dat de onderhandelingen nog enige tijd zullen duren voordat een akkoord kan worden bereikt. Het overleg tussen de partijen werd gisteren voortgezet in de hoofdstad, waar de situatie volgens waarnemers gespannen bleef. De regering heeft aangekondigd dat er nieuwe maatregelen worden genomen om de orde te handhaven. Vertegenwoordigers van de oppositie spraken van een ernstige verslechtering van de toestand in de regio. In de straten van de stad werden patrouilles van politie en leger gezien, terwijl de bevolking zich grotendeels rustig hield. Diplomaten in de hoofdstad verwachten dat de onderhandelingen nog enige tijd zullen duren voordat een akkoord kan worden bereikt. Het overleg tussen de partijen werd gisteren voortgezet in de hoofdstad, waar de situatie volgens waarnemers gespannen bleef. De regering heeft aangekondigd dat er nieuwe maatregelen worden genomen om de orde te handhaven.
Weg van politieke onderdrukking zonder economisch perspectief
Kroatië wil van Joegoslavië af
Door drs. B. Belder
ZAGREB – Met 'liberale' dwarsliggers wisten de gestaalde kaders van de Bond van Communisten in Tito's Joegoslavië wel raad. Zulke burgers werden ongeacht hun nationale zonder pardon op een maatschappelijk zijspoor gerangeerd. De meeste werd geen invloed meer kunnen uitoefenen op 's lands 'aanstormende' jeugd.
Het overleg tussen de partijen werd gisteren voortgezet in de hoofdstad, waar de situatie volgens waarnemers gespannen bleef. De regering heeft aangekondigd dat er nieuwe maatregelen worden genomen om de orde te handhaven. Vertegenwoordigers van de oppositie spraken van een ernstige verslechtering van de toestand in de regio. In de straten van de stad werden patrouilles van politie en leger gezien, terwijl de bevolking zich grotendeels rustig hield. Diplomaten in de hoofdstad verwachten dat de onderhandelingen nog enige tijd zullen duren voordat een akkoord kan worden bereikt. Het overleg tussen de partijen werd gisteren voortgezet in de hoofdstad, waar de situatie volgens waarnemers gespannen bleef. De regering heeft aangekondigd dat er nieuwe maatregelen worden genomen om de orde te handhaven. Vertegenwoordigers van de oppositie spraken van een ernstige verslechtering van de toestand in de regio. In de straten van de stad werden patrouilles van politie en leger gezien, terwijl de bevolking zich grotendeels rustig hield. Diplomaten in de hoofdstad verwachten dat de onderhandelingen nog enige tijd zullen duren voordat een akkoord kan worden bereikt. Het overleg tussen de partijen werd gisteren voortgezet in de hoofdstad, waar de situatie volgens waarnemers gespannen bleef. De regering heeft aangekondigd dat er nieuwe maatregelen worden genomen om de orde te handhaven. Vertegenwoordigers van de oppositie spraken van een ernstige verslechtering van de toestand in de regio. In de straten van de stad werden patrouilles van politie en leger gezien, terwijl de bevolking zich grotendeels rustig hield. Diplomaten in de hoofdstad verwachten dat de onderhandelingen nog enige tijd zullen duren voordat een akkoord kan worden bereikt. Het overleg tussen de partijen werd gisteren voortgezet in de hoofdstad, waar de situatie volgens waarnemers gespannen bleef. De regering heeft aangekondigd dat er nieuwe maatregelen worden genomen om de orde te handhaven.
Het overleg tussen de partijen werd gisteren voortgezet in de hoofdstad, waar de situatie volgens waarnemers gespannen bleef. De regering heeft aangekondigd dat er nieuwe maatregelen worden genomen om de orde te handhaven. Vertegenwoordigers van de oppositie spraken van een ernstige verslechtering van de toestand in de regio. In de straten van de stad werden patrouilles van politie en leger gezien, terwijl de bevolking zich grotendeels rustig hield. Diplomaten in de hoofdstad verwachten dat de onderhandelingen nog enige tijd zullen duren voordat een akkoord kan worden bereikt. Het overleg tussen de partijen werd gisteren voortgezet in de hoofdstad, waar de situatie volgens waarnemers gespannen bleef. De regering heeft aangekondigd dat er nieuwe maatregelen worden genomen om de orde te handhaven. Vertegenwoordigers van de oppositie spraken van een ernstige verslechtering van de toestand in de regio. In de straten van de stad werden patrouilles van politie en leger gezien, terwijl de bevolking zich grotendeels rustig hield. Diplomaten in de hoofdstad verwachten dat de onderhandelingen nog enige tijd zullen duren voordat een akkoord kan worden bereikt. Het overleg tussen de partijen werd gisteren voortgezet in de hoofdstad, waar de situatie volgens waarnemers gespannen bleef. De regering heeft aangekondigd dat er nieuwe maatregelen worden genomen om de orde te handhaven. Vertegenwoordigers van de oppositie spraken van een ernstige verslechtering van de toestand in de regio. In de straten van de stad werden patrouilles van politie en leger gezien, terwijl de bevolking zich grotendeels rustig hield. Diplomaten in de hoofdstad verwachten dat de onderhandelingen nog enige tijd zullen duren voordat een akkoord kan worden bereikt. Het overleg tussen de partijen werd gisteren voortgezet in de hoofdstad, waar de situatie volgens waarnemers gespannen bleef. De regering heeft aangekondigd dat er nieuwe maatregelen worden genomen om de orde te handhaven.
Het overleg tussen de partijen werd gisteren voortgezet in de hoofdstad, waar de situatie volgens waarnemers gespannen bleef. De regering heeft aangekondigd dat er nieuwe maatregelen worden genomen om de orde te handhaven. Vertegenwoordigers van de oppositie spraken van een ernstige verslechtering van de toestand in de regio. In de straten van de stad werden patrouilles van politie en leger gezien, terwijl de bevolking zich grotendeels rustig hield. Diplomaten in de hoofdstad verwachten dat de onderhandelingen nog enige tijd zullen duren voordat een akkoord kan worden bereikt. Het overleg tussen de partijen werd gisteren voortgezet in de hoofdstad, waar de situatie volgens waarnemers gespannen bleef. De regering heeft aangekondigd dat er nieuwe maatregelen worden genomen om de orde te handhaven. Vertegenwoordigers van de oppositie spraken van een ernstige verslechtering van de toestand in de regio. In de straten van de stad werden patrouilles van politie en leger gezien, terwijl de bevolking zich grotendeels rustig hield. Diplomaten in de hoofdstad verwachten dat de onderhandelingen nog enige tijd zullen duren voordat een akkoord kan worden bereikt. Het overleg tussen de partijen werd gisteren voortgezet in de hoofdstad, waar de situatie volgens waarnemers gespannen bleef. De regering heeft aangekondigd dat er nieuwe maatregelen worden genomen om de orde te handhaven. Vertegenwoordigers van de oppositie spraken van een ernstige verslechtering van de toestand in de regio. In de straten van de stad werden patrouilles van politie en leger gezien, terwijl de bevolking zich grotendeels rustig hield. Diplomaten in de hoofdstad verwachten dat de onderhandelingen nog enige tijd zullen duren voordat een akkoord kan worden bereikt. Het overleg tussen de partijen werd gisteren voortgezet in de hoofdstad, waar de situatie volgens waarnemers gespannen bleef. De regering heeft aangekondigd dat er nieuwe maatregelen worden genomen om de orde te handhaven.
Hoe hoog ligt het werkloosheidscijfer in Servië en geheel Joegoslavië?
Het overleg tussen de partijen werd gisteren voortgezet in de hoofdstad, waar de situatie volgens waarnemers gespannen bleef. De regering heeft aangekondigd dat er nieuwe maatregelen worden genomen om de orde te handhaven. Vertegenwoordigers van de oppositie spraken van een ernstige verslechtering van de toestand in de regio. In de straten van de stad werden patrouilles van politie en leger gezien, terwijl de bevolking zich grotendeels rustig hield. Diplomaten in de hoofdstad verwachten dat de onderhandelingen nog enige tijd zullen duren voordat een akkoord kan worden bereikt. Het overleg tussen de partijen werd gisteren voortgezet in de hoofdstad, waar de situatie volgens waarnemers gespannen bleef. De regering heeft aangekondigd dat er nieuwe maatregelen worden genomen om de orde te handhaven. Vertegenwoordigers van de oppositie spraken van een ernstige verslechtering van de toestand in de regio. In de straten van de stad werden patrouilles van politie en leger gezien, terwijl de bevolking zich grotendeels rustig hield. Diplomaten in de hoofdstad verwachten dat de onderhandelingen nog enige tijd zullen duren voordat een akkoord kan worden bereikt. Het overleg tussen de partijen werd gisteren voortgezet in de hoofdstad, waar de situatie volgens waarnemers gespannen bleef. De regering heeft aangekondigd dat er nieuwe maatregelen worden genomen om de orde te handhaven. Vertegenwoordigers van de oppositie spraken van een ernstige verslechtering van de toestand in de regio. In de straten van de stad werden patrouilles van politie en leger gezien, terwijl de bevolking zich grotendeels rustig hield. Diplomaten in de hoofdstad verwachten dat de onderhandelingen nog enige tijd zullen duren voordat een akkoord kan worden bereikt. Het overleg tussen de partijen werd gisteren voortgezet in de hoofdstad, waar de situatie volgens waarnemers gespannen bleef. De regering heeft aangekondigd dat er nieuwe maatregelen worden genomen om de orde te handhaven.
BEVOLKINGSGROEPEN IN JOEGOSLAVIE
SLOVENIË
KROATIË
BOSNIË-HERCEGOVINA
SERVIË
VOJVODINA
KOSOVO
MONTENEGRO
MACEDONIË
Serviërs	Kroaten	Moslims	Albanezen
Het overleg tussen de partijen werd gisteren voortgezet in de hoofdstad, waar de situatie volgens waarnemers gespannen bleef. De regering heeft aangekondigd dat er nieuwe maatregelen worden genomen om de orde te handhaven. Vertegenwoordigers van de oppositie spraken van een ernstige verslechtering van de toestand in de regio. In de straten van de stad werden patrouilles van politie en leger gezien, terwijl de bevolking zich grotendeels rustig hield. Diplomaten in de hoofdstad verwachten dat de onderhandelingen nog enige tijd zullen duren voordat een akkoord kan worden bereikt. Het overleg tussen de partijen werd gisteren voortgezet in de hoofdstad, waar de situatie volgens waarnemers gespannen bleef. De regering heeft aangekondigd dat er nieuwe maatregelen worden genomen om de orde te handhaven. Vertegenwoordigers van de oppositie spraken van een ernstige verslechtering van de toestand in de regio. In de straten van de stad werden patrouilles van politie en leger gezien, terwijl de bevolking zich grotendeels rustig hield. Diplomaten in de hoofdstad verwachten dat de onderhandelingen nog enige tijd zullen duren voordat een akkoord kan worden bereikt. Het overleg tussen de partijen werd gisteren voortgezet in de hoofdstad, waar de situatie volgens waarnemers gespannen bleef. De regering heeft aangekondigd dat er nieuwe maatregelen worden genomen om de orde te handhaven. Vertegenwoordigers van de oppositie spraken van een ernstige verslechtering van de toestand in de regio. In de straten van de stad werden patrouilles van politie en leger gezien, terwijl de bevolking zich grotendeels rustig hield. Diplomaten in de hoofdstad verwachten dat de onderhandelingen nog enige tijd zullen duren voordat een akkoord kan worden bereikt. Het overleg tussen de partijen werd gisteren voortgezet in de hoofdstad, waar de situatie volgens waarnemers gespannen bleef. De regering heeft aangekondigd dat er nieuwe maatregelen worden genomen om de orde te handhaven.
Het overleg tussen de partijen werd gisteren voortgezet in de hoofdstad, waar de situatie volgens waarnemers gespannen bleef. De regering heeft aangekondigd dat er nieuwe maatregelen worden genomen om de orde te handhaven. Vertegenwoordigers van de oppositie spraken van een ernstige verslechtering van de toestand in de regio. In de straten van de stad werden patrouilles van politie en leger gezien, terwijl de bevolking zich grotendeels rustig hield. Diplomaten in de hoofdstad verwachten dat de onderhandelingen nog enige tijd zullen duren voordat een akkoord kan worden bereikt. Het overleg tussen de partijen werd gisteren voortgezet in de hoofdstad, waar de situatie volgens waarnemers gespannen bleef. De regering heeft aangekondigd dat er nieuwe maatregelen worden genomen om de orde te handhaven. Vertegenwoordigers van de oppositie spraken van een ernstige verslechtering van de toestand in de regio. In de straten van de stad werden patrouilles van politie en leger gezien, terwijl de bevolking zich grotendeels rustig hield. Diplomaten in de hoofdstad verwachten dat de onderhandelingen nog enige tijd zullen duren voordat een akkoord kan worden bereikt. Het overleg tussen de partijen werd gisteren voortgezet in de hoofdstad, waar de situatie volgens waarnemers gespannen bleef. De regering heeft aangekondigd dat er nieuwe maatregelen worden genomen om de orde te handhaven. Vertegenwoordigers van de oppositie spraken van een ernstige verslechtering van de toestand in de regio. In de straten van de stad werden patrouilles van politie en leger gezien, terwijl de bevolking zich grotendeels rustig hield. Diplomaten in de hoofdstad verwachten dat de onderhandelingen nog enige tijd zullen duren voordat een akkoord kan worden bereikt. Het overleg tussen de partijen werd gisteren voortgezet in de hoofdstad, waar de situatie volgens waarnemers gespannen bleef. De regering heeft aangekondigd dat er nieuwe maatregelen worden genomen om de orde te handhaven.
